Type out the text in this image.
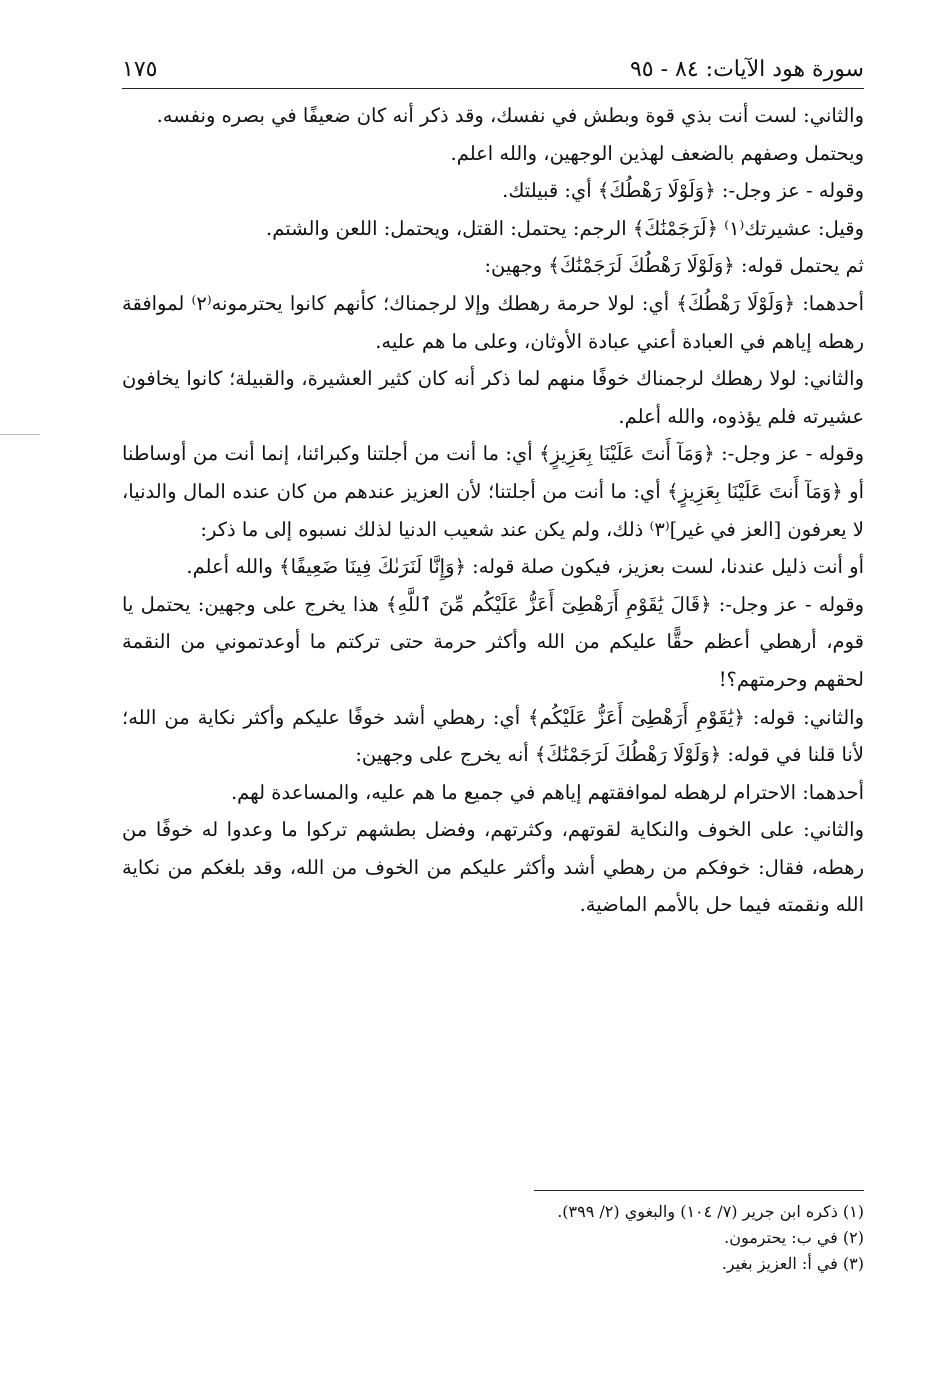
سورة هود الآيات: ٨٤ - ٩٥
١٧٥

والثاني: لست أنت بذي قوة وبطش في نفسك، وقد ذكر أنه كان ضعيفًا في بصره ونفسه.

ويحتمل وصفهم بالضعف لهذين الوجهين، والله اعلم.

وقوله - عز وجل-: ﴿وَلَوْلَا رَهْطُكَ﴾ أي: قبيلتك.

وقيل: عشيرتك⁽١⁾ ﴿لَرَجَمْنَٰكَ﴾ الرجم: يحتمل: القتل، ويحتمل: اللعن والشتم.

ثم يحتمل قوله: ﴿وَلَوْلَا رَهْطُكَ لَرَجَمْنَٰكَ﴾ وجهين:

أحدهما: ﴿وَلَوْلَا رَهْطُكَ﴾ أي: لولا حرمة رهطك وإلا لرجمناك؛ كأنهم كانوا يحترمونه⁽٢⁾ لموافقة رهطه إياهم في العبادة أعني عبادة الأوثان، وعلى ما هم عليه.

والثاني: لولا رهطك لرجمناك خوفًا منهم لما ذكر أنه كان كثير العشيرة، والقبيلة؛ كانوا يخافون عشيرته فلم يؤذوه، والله أعلم.

وقوله - عز وجل-: ﴿وَمَآ أَنتَ عَلَيْنَا بِعَزِيزٍ﴾ أي: ما أنت من أجلتنا وكبرائنا، إنما أنت من أوساطنا أو ﴿وَمَآ أَنتَ عَلَيْنَا بِعَزِيزٍ﴾ أي: ما أنت من أجلتنا؛ لأن العزيز عندهم من كان عنده المال والدنيا، لا يعرفون [العز في غير]⁽٣⁾ ذلك، ولم يكن عند شعيب الدنيا لذلك نسبوه إلى ما ذكر:

أو أنت ذليل عندنا، لست بعزيز، فيكون صلة قوله: ﴿وَإِنَّا لَنَرَىٰكَ فِينَا ضَعِيفًا﴾ والله أعلم.

وقوله - عز وجل-: ﴿قَالَ يَٰقَوْمِ أَرَهْطِىٓ أَعَزُّ عَلَيْكُم مِّنَ ٱللَّهِ﴾ هذا يخرج على وجهين: يحتمل يا قوم، أرهطي أعظم حقًّا عليكم من الله وأكثر حرمة حتى تركتم ما أوعدتموني من النقمة لحقهم وحرمتهم؟!

والثاني: قوله: ﴿يَٰقَوْمِ أَرَهْطِىٓ أَعَزُّ عَلَيْكُم﴾ أي: رهطي أشد خوفًا عليكم وأكثر نكاية من الله؛ لأنا قلنا في قوله: ﴿وَلَوْلَا رَهْطُكَ لَرَجَمْنَٰكَ﴾ أنه يخرج على وجهين:

أحدهما: الاحترام لرهطه لموافقتهم إياهم في جميع ما هم عليه، والمساعدة لهم.

والثاني: على الخوف والنكاية لقوتهم، وكثرتهم، وفضل بطشهم تركوا ما وعدوا له خوفًا من رهطه، فقال: خوفكم من رهطي أشد وأكثر عليكم من الخوف من الله، وقد بلغكم من نكاية الله ونقمته فيما حل بالأمم الماضية.

(١) ذكره ابن جرير (٧/ ١٠٤) والبغوي (٢/ ٣٩٩).

(٢) في ب: يحترمون.

(٣) في أ: العزيز بغير.
